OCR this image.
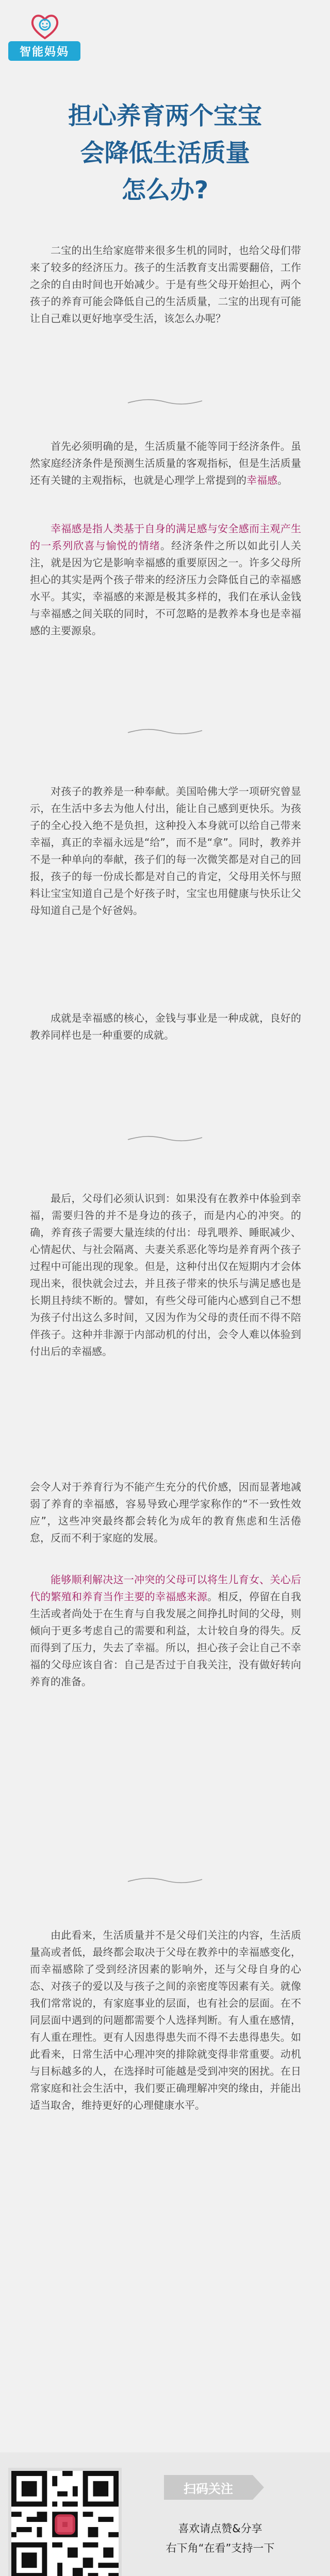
智能妈妈
担心养育两个宝宝
会降低生活质量
怎么办?

二宝的出生给家庭带来很多生机的同时，也给父母们带来了较多的经济压力。孩子的生活教育支出需要翻倍，工作之余的自由时间也开始减少。于是有些父母开始担心，两个孩子的养育可能会降低自己的生活质量，二宝的出现有可能让自己难以更好地享受生活，该怎么办呢？

首先必须明确的是，生活质量不能等同于经济条件。虽然家庭经济条件是预测生活质量的客观指标，但是生活质量还有关键的主观指标，也就是心理学上常提到的幸福感。

幸福感是指人类基于自身的满足感与安全感而主观产生的一系列欣喜与愉悦的情绪。经济条件之所以如此引人关注，就是因为它是影响幸福感的重要原因之一。许多父母所担心的其实是两个孩子带来的经济压力会降低自己的幸福感水平。其实，幸福感的来源是极其多样的，我们在承认金钱与幸福感之间关联的同时，不可忽略的是教养本身也是幸福感的主要源泉。

对孩子的教养是一种奉献。美国哈佛大学一项研究曾显示，在生活中多去为他人付出，能让自己感到更快乐。为孩子的全心投入绝不是负担，这种投入本身就可以给自己带来幸福，真正的幸福永远是“给”，而不是“拿”。同时，教养并不是一种单向的奉献，孩子们的每一次微笑都是对自己的回报，孩子的每一份成长都是对自己的肯定，父母用关怀与照料让宝宝知道自己是个好孩子时，宝宝也用健康与快乐让父母知道自己是个好爸妈。

成就是幸福感的核心，金钱与事业是一种成就，良好的教养同样也是一种重要的成就。

最后，父母们必须认识到：如果没有在教养中体验到幸福，需要归咎的并不是身边的孩子，而是内心的冲突。的确，养育孩子需要大量连续的付出：母乳喂养、睡眠减少、心情起伏、与社会隔离、夫妻关系恶化等均是养育两个孩子过程中可能出现的现象。但是，这种付出仅在短期内才会体现出来，很快就会过去，并且孩子带来的快乐与满足感也是长期且持续不断的。譬如，有些父母可能内心感到自己不想为孩子付出这么多时间，又因为作为父母的责任而不得不陪伴孩子。这种并非源于内部动机的付出，会令人难以体验到付出后的幸福感。

会令人对于养育行为不能产生充分的代价感，因而显著地减弱了养育的幸福感，容易导致心理学家称作的“不一致性效应”，这些冲突最终都会转化为成年的教育焦虑和生活倦怠，反而不利于家庭的发展。

能够顺利解决这一冲突的父母可以将生儿育女、关心后代的繁殖和养育当作主要的幸福感来源。相反，停留在自我生活或者尚处于在生育与自我发展之间挣扎时间的父母，则倾向于更多考虑自己的需要和利益，太计较自身的得失。反而得到了压力，失去了幸福。所以，担心孩子会让自己不幸福的父母应该自省：自己是否过于自我关注，没有做好转向养育的准备。

由此看来，生活质量并不是父母们关注的内容，生活质量高或者低，最终都会取决于父母在教养中的幸福感变化，而幸福感除了受到经济因素的影响外，还与父母自身的心态、对孩子的爱以及与孩子之间的亲密度等因素有关。就像我们常常说的，有家庭事业的层面，也有社会的层面。在不同层面中遇到的问题都需要个人选择判断。有人重在感情，有人重在理性。更有人因患得患失而不得不去患得患失。如此看来，日常生活中心理冲突的排除就变得非常重要。动机与目标越多的人，在选择时可能越是受到冲突的困扰。在日常家庭和社会生活中，我们要正确理解冲突的缘由，并能出适当取舍，维持更好的心理健康水平。

扫码关注
喜欢请点赞&分享
右下角“在看”支持一下
